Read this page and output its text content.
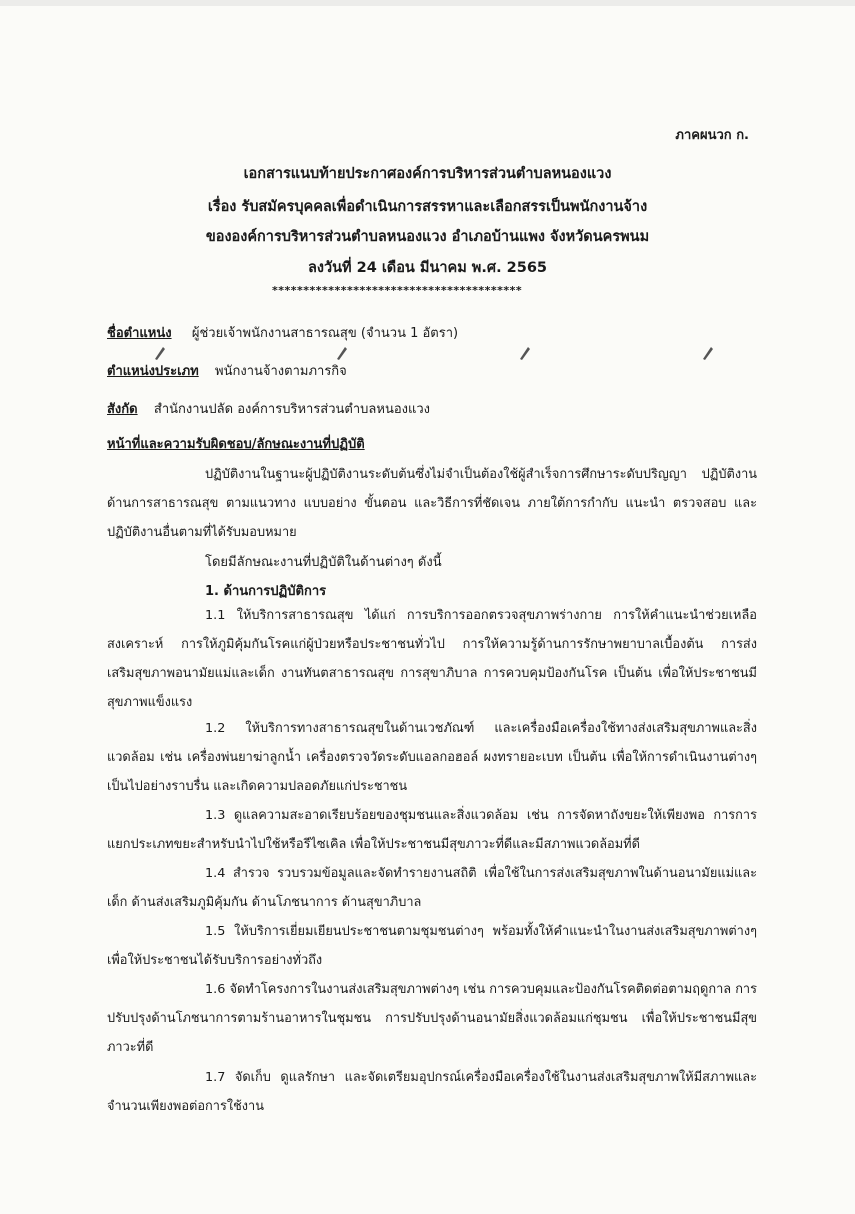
ภาคผนวก ก.
เอกสารแนบท้ายประกาศองค์การบริหารส่วนตำบลหนองแวง
เรื่อง รับสมัครบุคคลเพื่อดำเนินการสรรหาและเลือกสรรเป็นพนักงานจ้าง
ขององค์การบริหารส่วนตำบลหนองแวง อำเภอบ้านแพง จังหวัดนครพนม
ลงวันที่ 24 เดือน มีนาคม พ.ศ. 2565
****************************************
ชื่อตำแหน่ง ผู้ช่วยเจ้าพนักงานสาธารณสุข (จำนวน 1 อัตรา)
ตำแหน่งประเภท พนักงานจ้างตามภารกิจ
สังกัด สำนักงานปลัด องค์การบริหารส่วนตำบลหนองแวง
หน้าที่และความรับผิดชอบ/ลักษณะงานที่ปฏิบัติ

ปฏิบัติงานในฐานะผู้ปฏิบัติงานระดับต้นซึ่งไม่จำเป็นต้องใช้ผู้สำเร็จการศึกษาระดับปริญญา ปฏิบัติงานด้านการสาธารณสุข ตามแนวทาง แบบอย่าง ขั้นตอน และวิธีการที่ชัดเจน ภายใต้การกำกับ แนะนำ ตรวจสอบ และปฏิบัติงานอื่นตามที่ได้รับมอบหมาย

โดยมีลักษณะงานที่ปฏิบัติในด้านต่างๆ ดังนี้
1. ด้านการปฏิบัติการ

1.1 ให้บริการสาธารณสุข ได้แก่ การบริการออกตรวจสุขภาพร่างกาย การให้คำแนะนำช่วยเหลือ สงเคราะห์ การให้ภูมิคุ้มกันโรคแก่ผู้ป่วยหรือประชาชนทั่วไป การให้ความรู้ด้านการรักษาพยาบาลเบื้องต้น การส่งเสริมสุขภาพอนามัยแม่และเด็ก งานทันตสาธารณสุข การสุขาภิบาล การควบคุมป้องกันโรค เป็นต้น เพื่อให้ประชาชนมีสุขภาพแข็งแรง

1.2 ให้บริการทางสาธารณสุขในด้านเวชภัณฑ์ และเครื่องมือเครื่องใช้ทางส่งเสริมสุขภาพและสิ่งแวดล้อม เช่น เครื่องพ่นยาฆ่าลูกน้ำ เครื่องตรวจวัดระดับแอลกอฮอล์ ผงทรายอะเบท เป็นต้น เพื่อให้การดำเนินงานต่างๆ เป็นไปอย่างราบรื่น และเกิดความปลอดภัยแก่ประชาชน

1.3 ดูแลความสะอาดเรียบร้อยของชุมชนและสิ่งแวดล้อม เช่น การจัดหาถังขยะให้เพียงพอ การการแยกประเภทขยะสำหรับนำไปใช้หรือรีไซเคิล เพื่อให้ประชาชนมีสุขภาวะที่ดีและมีสภาพแวดล้อมที่ดี

1.4 สำรวจ รวบรวมข้อมูลและจัดทำรายงานสถิติ เพื่อใช้ในการส่งเสริมสุขภาพในด้านอนามัยแม่และเด็ก ด้านส่งเสริมภูมิคุ้มกัน ด้านโภชนาการ ด้านสุขาภิบาล

1.5 ให้บริการเยี่ยมเยียนประชาชนตามชุมชนต่างๆ พร้อมทั้งให้คำแนะนำในงานส่งเสริมสุขภาพต่างๆ เพื่อให้ประชาชนได้รับบริการอย่างทั่วถึง

1.6 จัดทำโครงการในงานส่งเสริมสุขภาพต่างๆ เช่น การควบคุมและป้องกันโรคติดต่อตามฤดูกาล การปรับปรุงด้านโภชนาการตามร้านอาหารในชุมชน การปรับปรุงด้านอนามัยสิ่งแวดล้อมแก่ชุมชน เพื่อให้ประชาชนมีสุขภาวะที่ดี

1.7 จัดเก็บ ดูแลรักษา และจัดเตรียมอุปกรณ์เครื่องมือเครื่องใช้ในงานส่งเสริมสุขภาพให้มีสภาพและจำนวนเพียงพอต่อการใช้งาน
